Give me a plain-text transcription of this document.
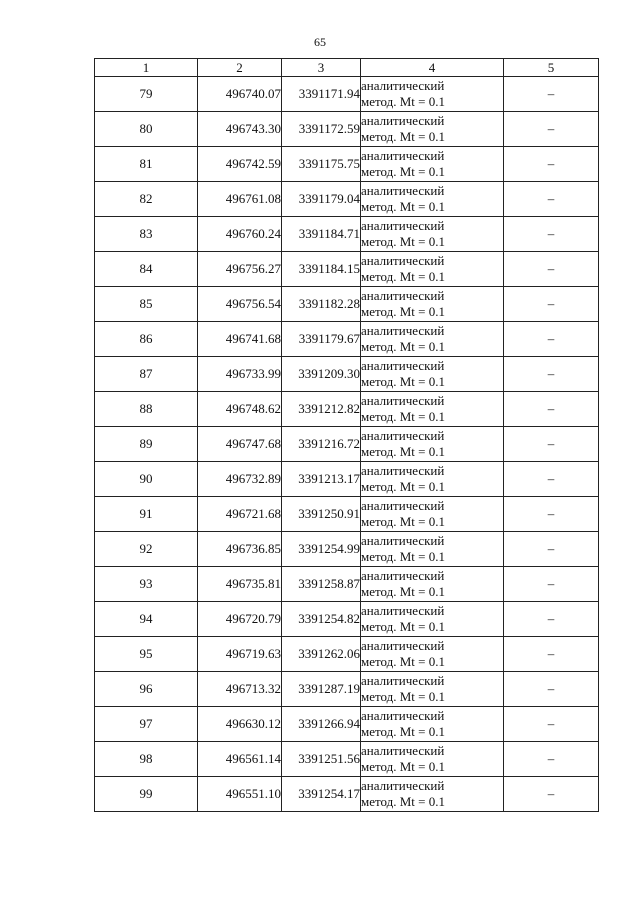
65
1	2	3	4	5
79	496740.07	3391171.94	аналитический
метод. Mt = 0.1	–
80	496743.30	3391172.59	аналитический
метод. Mt = 0.1	–
81	496742.59	3391175.75	аналитический
метод. Mt = 0.1	–
82	496761.08	3391179.04	аналитический
метод. Mt = 0.1	–
83	496760.24	3391184.71	аналитический
метод. Mt = 0.1	–
84	496756.27	3391184.15	аналитический
метод. Mt = 0.1	–
85	496756.54	3391182.28	аналитический
метод. Mt = 0.1	–
86	496741.68	3391179.67	аналитический
метод. Mt = 0.1	–
87	496733.99	3391209.30	аналитический
метод. Mt = 0.1	–
88	496748.62	3391212.82	аналитический
метод. Mt = 0.1	–
89	496747.68	3391216.72	аналитический
метод. Mt = 0.1	–
90	496732.89	3391213.17	аналитический
метод. Mt = 0.1	–
91	496721.68	3391250.91	аналитический
метод. Mt = 0.1	–
92	496736.85	3391254.99	аналитический
метод. Mt = 0.1	–
93	496735.81	3391258.87	аналитический
метод. Mt = 0.1	–
94	496720.79	3391254.82	аналитический
метод. Mt = 0.1	–
95	496719.63	3391262.06	аналитический
метод. Mt = 0.1	–
96	496713.32	3391287.19	аналитический
метод. Mt = 0.1	–
97	496630.12	3391266.94	аналитический
метод. Mt = 0.1	–
98	496561.14	3391251.56	аналитический
метод. Mt = 0.1	–
99	496551.10	3391254.17	аналитический
метод. Mt = 0.1	–
